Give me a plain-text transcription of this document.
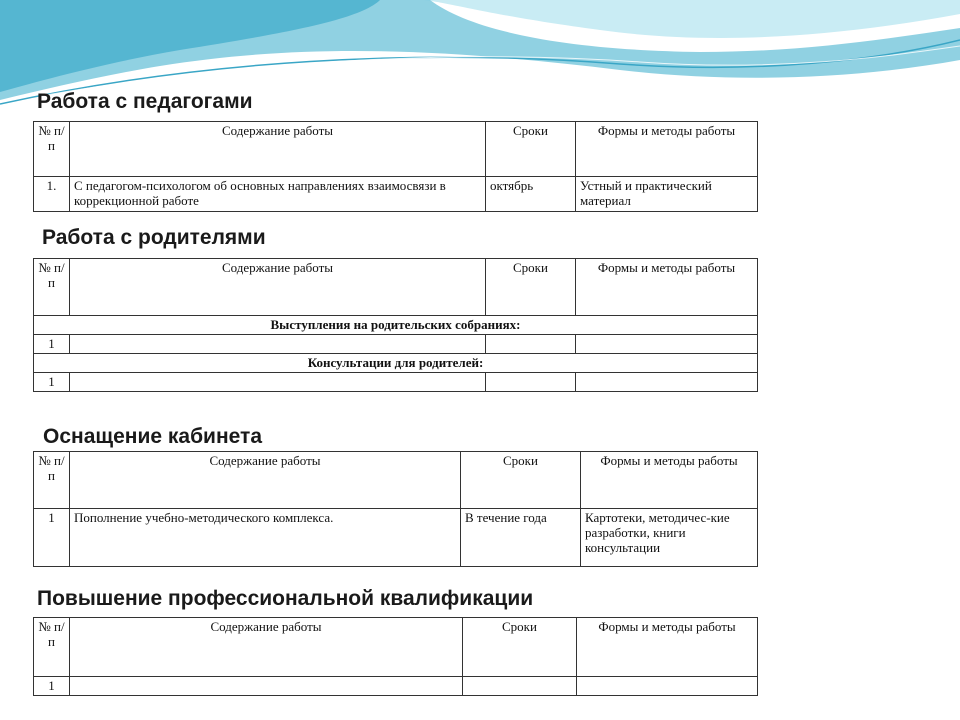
Работа с педагогами
№ п/п	Содержание работы	Сроки	Формы и методы работы
1.	С педагогом-психологом об основных направлениях взаимосвязи в коррекционной работе	октябрь	Устный и практический материал
Работа с родителями
№ п/п	Содержание работы	Сроки	Формы и методы работы
Выступления на родительских собраниях:			
1			
Консультации для родителей:			
1			
Оснащение кабинета
№ п/п	Содержание работы	Сроки	Формы и методы работы
1	Пополнение учебно-методического комплекса.	В течение года	Картотеки, методичес-кие разработки, книги консультации
Повышение профессиональной квалификации
№ п/п	Содержание работы	Сроки	Формы и методы работы
1			
